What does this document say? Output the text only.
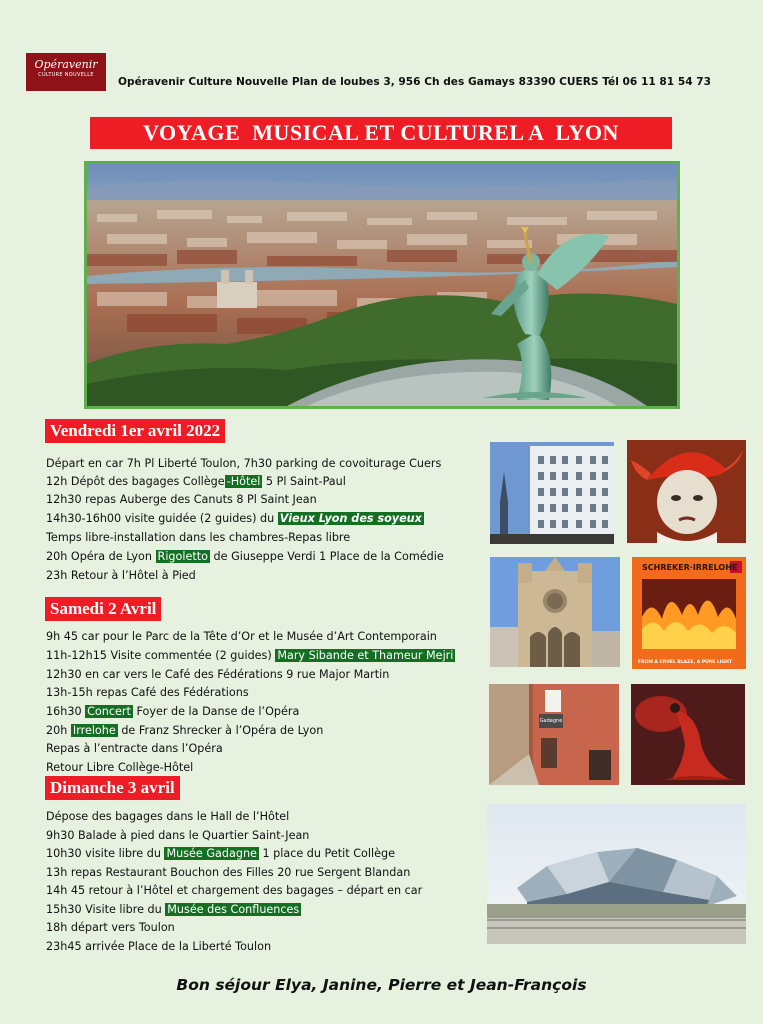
Opéravenir
CULTURE NOUVELLE
Opéravenir Culture Nouvelle Plan de loubes 3, 956 Ch des Gamays 83390 CUERS Tél 06 11 81 54 73
VOYAGE  MUSICAL ET CULTUREL A  LYON
Vendredi 1er avril 2022
Samedi 2 Avril
Dimanche 3 avril
Départ en car 7h Pl Liberté Toulon, 7h30 parking de covoiturage Cuers
12h Dépôt des bagages Collège -Hôtel 5 Pl Saint-Paul
12h30 repas Auberge des Canuts 8 Pl Saint Jean
14h30-16h00 visite guidée (2 guides) du Vieux Lyon des soyeux
Temps libre-installation dans les chambres-Repas libre
20h Opéra de Lyon Rigoletto de Giuseppe Verdi 1 Place de la Comédie
23h Retour à l’Hôtel à Pied
9h 45 car pour le Parc de la Tête d’Or et le Musée d’Art Contemporain
11h-12h15 Visite commentée (2 guides) Mary Sibande et Thameur Mejri
12h30 en car vers le Café des Fédérations 9 rue Major Martin
13h-15h repas Café des Fédérations
16h30 Concert Foyer de la Danse de l’Opéra
20h Irrelohe de Franz Shrecker à l’Opéra de Lyon
Repas à l’entracte dans l’Opéra
Retour Libre Collège-Hôtel
Dépose des bagages dans le Hall de l’Hôtel
9h30 Balade à pied dans le Quartier Saint-Jean
10h30 visite libre du Musée Gadagne 1 place du Petit Collège
13h repas Restaurant Bouchon des Filles 20 rue Sergent Blandan
14h 45 retour à l’Hôtel et chargement des bagages – départ en car
15h30 Visite libre du Musée des Confluences
18h départ vers Toulon
23h45 arrivée Place de la Liberté Toulon
SCHREKER·IRRELOHE
FROM A CRUEL BLAZE, A PURE LIGHT
Gadagne
Bon séjour Elya, Janine, Pierre et Jean-François
